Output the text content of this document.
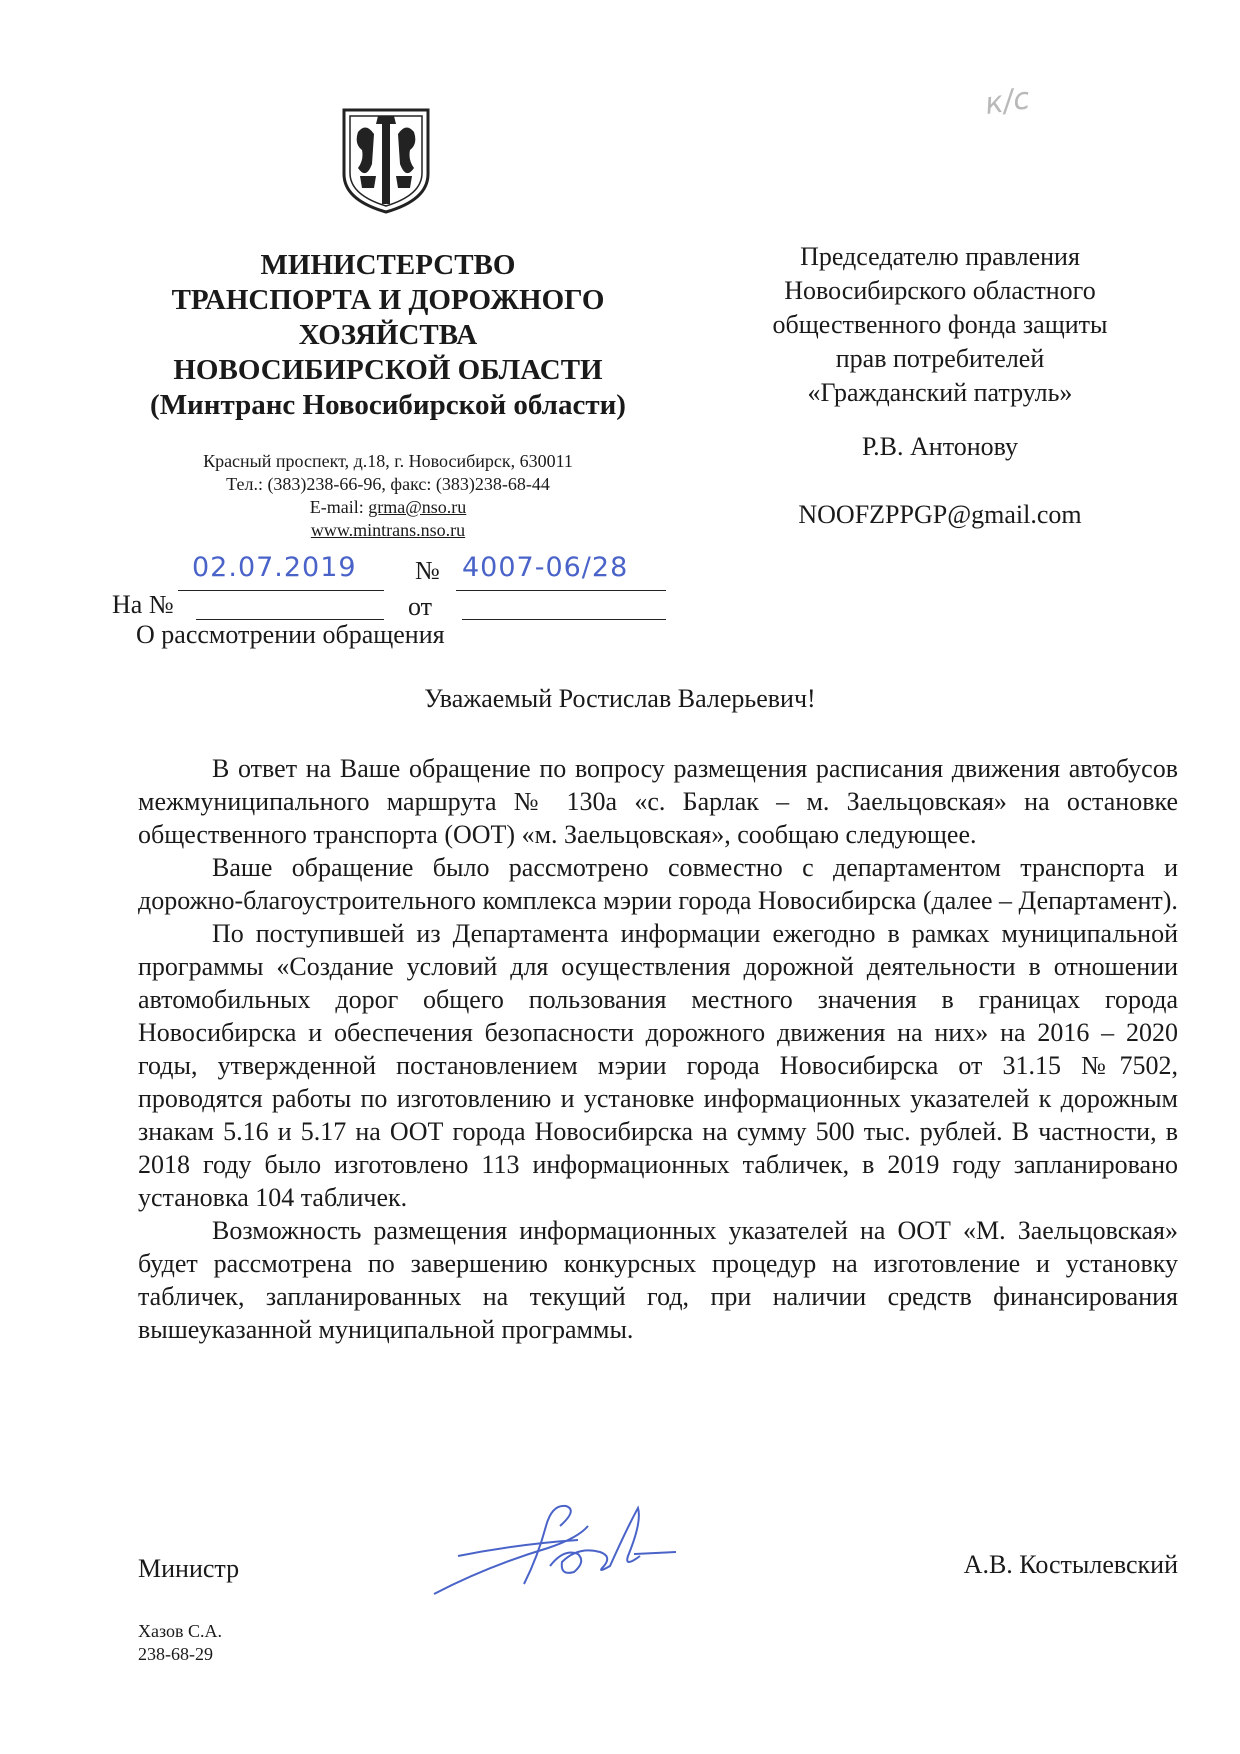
к/с
МИНИСТЕРСТВО
ТРАНСПОРТА И ДОРОЖНОГО
ХОЗЯЙСТВА
НОВОСИБИРСКОЙ ОБЛАСТИ
(Минтранс Новосибирской области)
Красный проспект, д.18, г. Новосибирск, 630011
Тел.: (383)238-66-96, факс: (383)238-68-44
E-mail: grma@nso.ru
www.mintrans.nso.ru
02.07.2019 № 4007-06/28
На №	от
О рассмотрении обращения
Председателю правления
Новосибирского областного
общественного фонда защиты
прав потребителей
«Гражданский патруль»
Р.В. Антонову
NOOFZPPGP@gmail.com
Уважаемый Ростислав Валерьевич!

В ответ на Ваше обращение по вопросу размещения расписания движения автобусов межмуниципального маршрута № 130а «с. Барлак – м. Заельцовская» на остановке общественного транспорта (ООТ) «м. Заельцовская», сообщаю следующее.

Ваше обращение было рассмотрено совместно с департаментом транспорта и дорожно-благоустроительного комплекса мэрии города Новосибирска (далее – Департамент).

По поступившей из Департамента информации ежегодно в рамках муниципальной программы «Создание условий для осуществления дорожной деятельности в отношении автомобильных дорог общего пользования местного значения в границах города Новосибирска и обеспечения безопасности дорожного движения на них» на 2016 – 2020 годы, утвержденной постановлением мэрии города Новосибирска от 31.15 №7502, проводятся работы по изготовлению и установке информационных указателей к дорожным знакам 5.16 и 5.17 на ООТ города Новосибирска на сумму 500 тыс. рублей. В частности, в 2018 году было изготовлено 113 информационных табличек, в 2019 году запланировано установка 104 табличек.

Возможность размещения информационных указателей на ООТ «М. Заельцовская» будет рассмотрена по завершению конкурсных процедур на изготовление и установку табличек, запланированных на текущий год, при наличии средств финансирования вышеуказанной муниципальной программы.

Министр	А.В. Костылевский
Хазов С.А.
238-68-29
